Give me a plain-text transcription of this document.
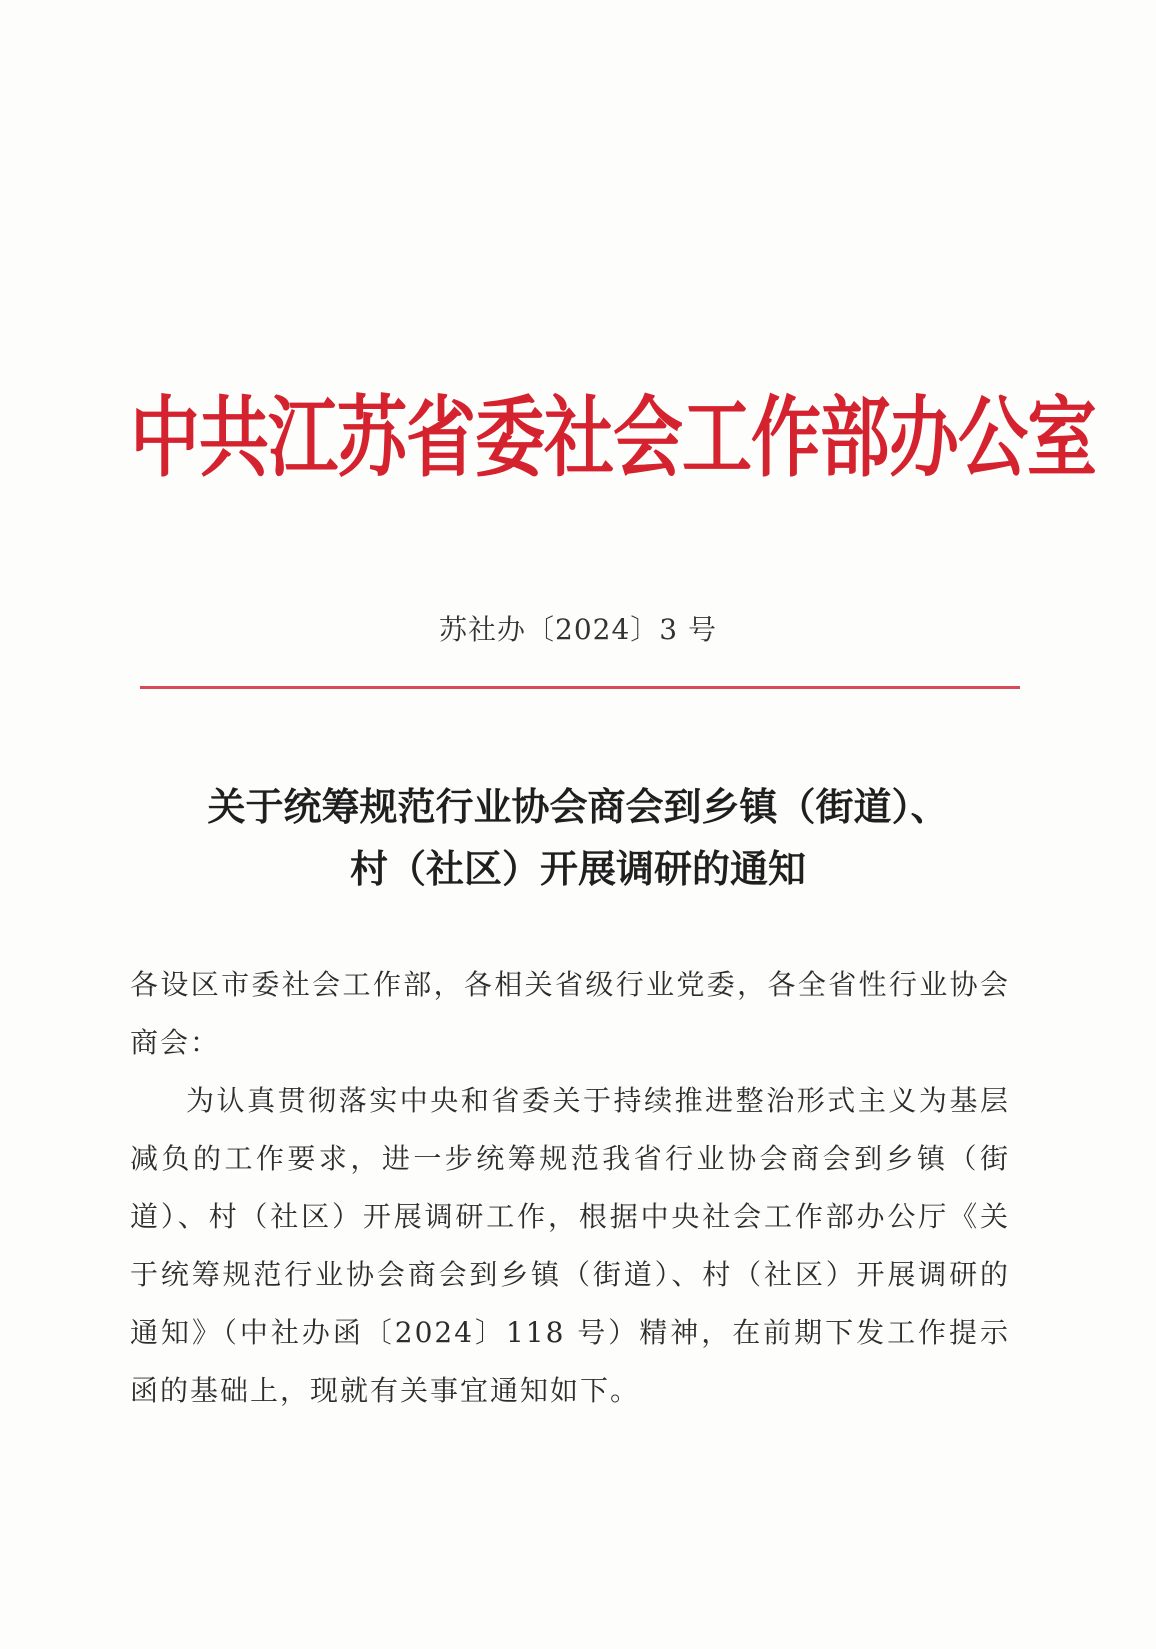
中共江苏省委社会工作部办公室
苏社办〔2024〕3 号
关于统筹规范行业协会商会到乡镇（街道）、
村（社区）开展调研的通知

各设区市委社会工作部，各相关省级行业党委，各全省性行业协会商会：

为认真贯彻落实中央和省委关于持续推进整治形式主义为基层减负的工作要求，进一步统筹规范我省行业协会商会到乡镇（街道）、村（社区）开展调研工作，根据中央社会工作部办公厅《关于统筹规范行业协会商会到乡镇（街道）、村（社区）开展调研的通知》（中社办函〔2024〕118 号）精神，在前期下发工作提示函的基础上，现就有关事宜通知如下。
